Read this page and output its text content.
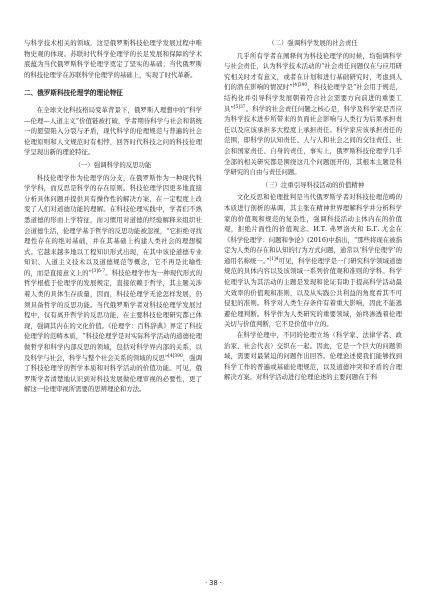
与科学技术相关的领域，这是俄罗斯科技伦理学发展过程中唯物史观的体现。苏联时代科学伦理学的长足发展和保障的学术底蕴为当代俄罗斯科学伦理学奠定了坚实的基础；当代俄罗斯的科技伦理学在苏联科学伦理学的基础上，实现了时代革新。

二、俄罗斯科技伦理学的理论特征

在全球文化科技格局变革背景下，俄罗斯人理想中的“科学—伦理—人道主义”价值链被打破，学者期待科学与社会和谐统一的愿望陷入分裂与矛盾，现代科学的伦理规范与普遍的社会伦理原则和人文规范时有相悖，回答时代科技之问的科技伦理学呈现出新的理论特征。

（一）强调科学的反思功能

科技伦理学作为伦理学的分支，在俄罗斯作为一种现代科学学科，而反思是科学的存在原则。科技伦理学因更多地直接分析具体问题并提供具有操作性的解决方案，在一定程度上改变了人们对道德功能的理解。在科技伦理实践中，学者们不熟悉道德的形而上学特征，而习惯用对道德的经验解释来组织社会道德生活，伦理学基于哲学的反思功能被忽视，“它拒绝寻找理性存在的绝对基础，并在其基础上构建人类社会的理想模式。它越来越多地以工程知识形式出现，在其中该论道德专业知识、人道主义技术以及道德规范等概念，它不再是比喻性的，而是直接意义上的”$^{[3]6-7}$。科技伦理学作为一种现代形式的哲学根植于伦理学的发展规定，直接依赖于哲学，其主题关涉着人类的具体生存质量，因而，科技伦理学无论怎样发展，仍须具备哲学的反思功能。当代俄罗斯学者对科技伦理学发展过程中，仅有离开哲学的反思功能，在主要科技伦理研究都已体现，强调其内在的文化价值。《伦理学：百科辞典》界定了科技伦理学的范畴本质，“科技伦理学是对实际科学活动的道德伦理做哲学和科学内部反思的领域，包括对科学界内部的关系，以及科学与社会，科学与整个社会关系的领域的反思”$^{[4]390}$，强调了科技伦理学的哲学本质和对科学活动的价值功能。可见，俄罗斯学者清楚地认识到对科技发展做伦理审视的必要性，更了解这一伦理审视所需要的思辨理论和方法。

（二）强调科学发展的社会责任

几乎所有学者在阐释何为科技伦理学的时候，均强调科学与社会责任，认为科学技术活动的“社会责任问题仅在与应用研究相关时才有意义，或者在计划和进行基础研究时，考虑到人们的潜在影响的情况时”$^{[4]390}$，科技伦理学是“社会用于规范，结构化并引导科学发展朝着符合社会需要方向前进的重要工具”$^{[5]37}$。科学的社会责任问题之核心是，科学及科学家是否应为科学技术进步所带来的负面社会影响与人类行为后果承担责任以及应该承担多大程度上承担责任。科学家应该承担责任的范围，即科学的认知责任、人与人和社会之间的交往责任、社会和国家责任、自身的责任，事实上，俄罗斯科技伦理学几乎全部的相关研究都是围绕这几个问题展开的，其根本主题是科学研究的自由与责任问题。

（三）注重引导科技活动的价值精神

文化反思和伦理批判是当代俄罗斯学者对科技伦理范畴的本质进行剖析的基调，其主张在精神世界理解科学并分析科学家的价值观和规范的复杂性，强调科技活动主体内在的价值观，拒绝片面性的价值观念。И.Т. 弗罗洛夫和 Б.Г. 尤金在《科学伦理学：问题和争论》(2016)中指出，“那些将现在被指定为人类的存在和认知的行为方式问题，通常以‘科学伦理学’的通用名称统一。”$^{[1]4}$可见，科学伦理学是一门研究科学领域道德规范的具体内容以及该领域一系列价值观和准则的学科。科学伦理学认为其活动的主题是发现和论证有助于提高科学活动最大效率的价值观和准则，以及从实践公共利益的角度看其不可侵犯的准则。科学对人类生存条件有着重大影响，因此不能逃避伦理判断。科学作为人类研究的重要领域，始终渗透着伦理关切与价值判断，它不是价值中立的。

在科学伦理中，不同的伦理立场（科学家、法律学者、政治家、社会代表）交织在一起。因此，它是一个巨大的问题领域，需要对最紧迫的问题作出回答。伦理论述使我们能够找到科学工作的普遍或基础伦理规范，以及道德冲突和矛盾的合理解决方案。对科学活动进行伦理论述的主要问题在于科

· 38 ·
